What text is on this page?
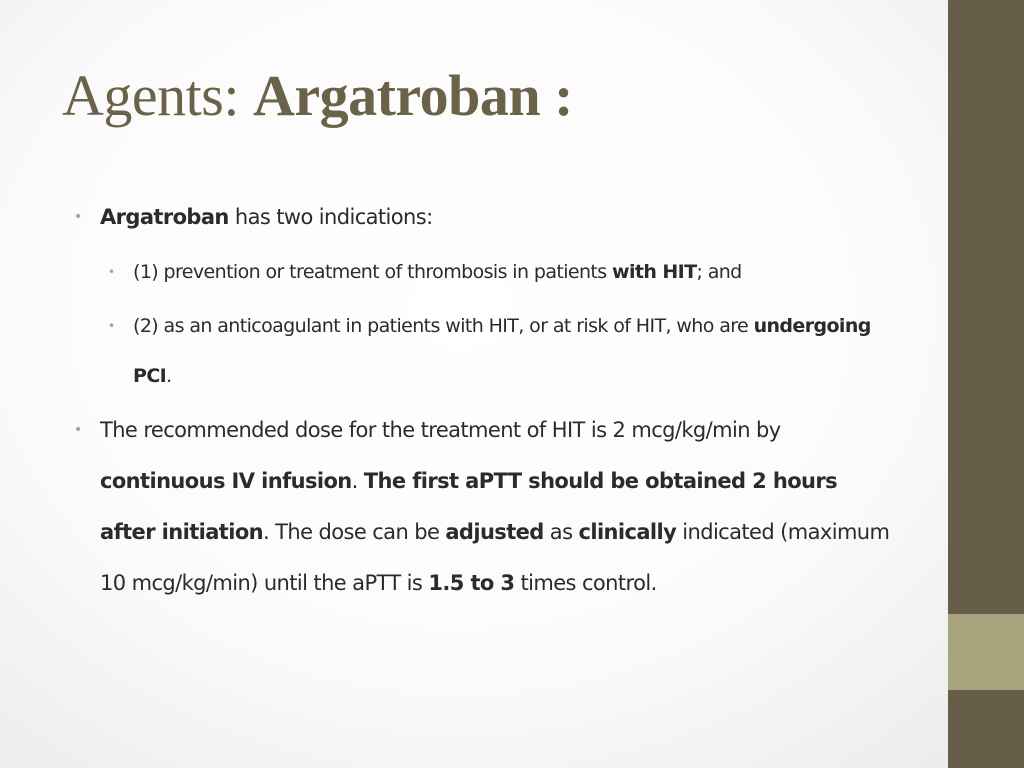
Agents: Argatroban :
• Argatroban has two indications:
• (1) prevention or treatment of thrombosis in patients with HIT; and
• (2) as an anticoagulant in patients with HIT, or at risk of HIT, who are undergoing PCI.
• The recommended dose for the treatment of HIT is 2 mcg/kg/min by continuous IV infusion. The first aPTT should be obtained 2 hours after initiation. The dose can be adjusted as clinically indicated (maximum 10 mcg/kg/min) until the aPTT is 1.5 to 3 times control.
